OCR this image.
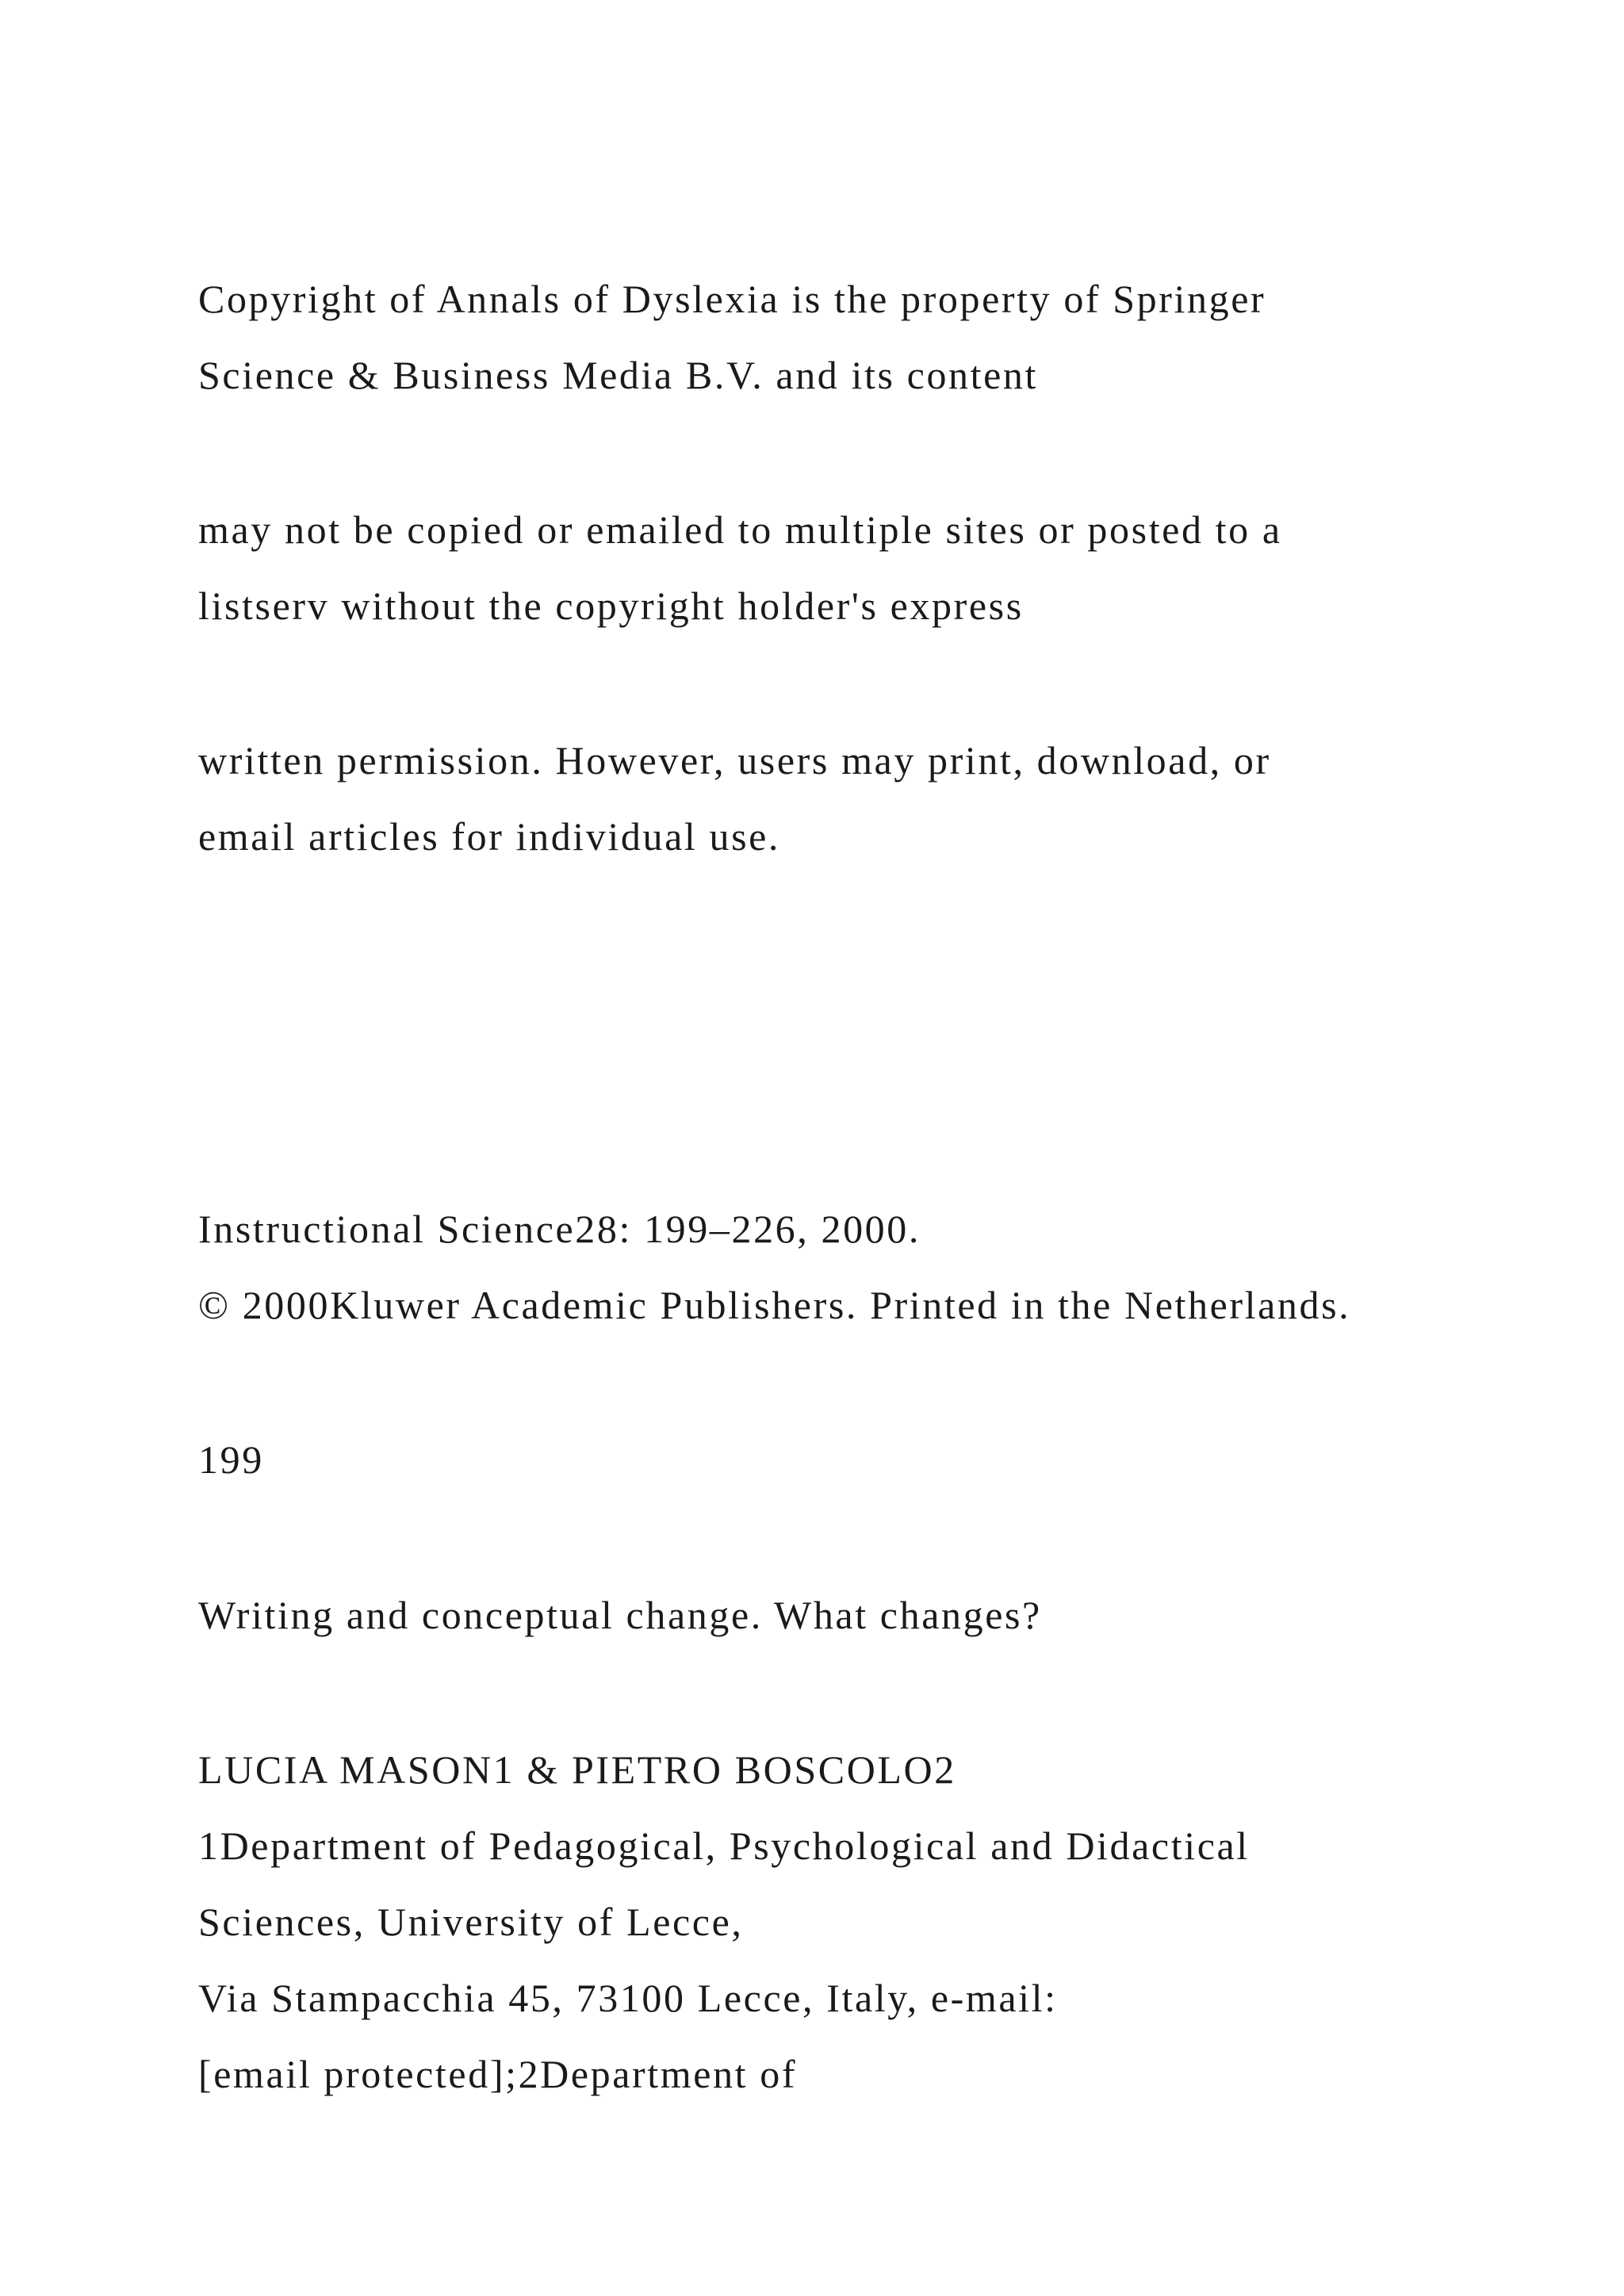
Copyright of Annals of Dyslexia is the property of Springer
Science & Business Media B.V. and its content
may not be copied or emailed to multiple sites or posted to a
listserv without the copyright holder's express
written permission. However, users may print, download, or
email articles for individual use.
Instructional Science28: 199–226, 2000.
© 2000Kluwer Academic Publishers. Printed in the Netherlands.
199
Writing and conceptual change. What changes?
LUCIA MASON1 & PIETRO BOSCOLO2
1Department of Pedagogical, Psychological and Didactical
Sciences, University of Lecce,
Via Stampacchia 45, 73100 Lecce, Italy, e-mail:
[email protected];2Department of
